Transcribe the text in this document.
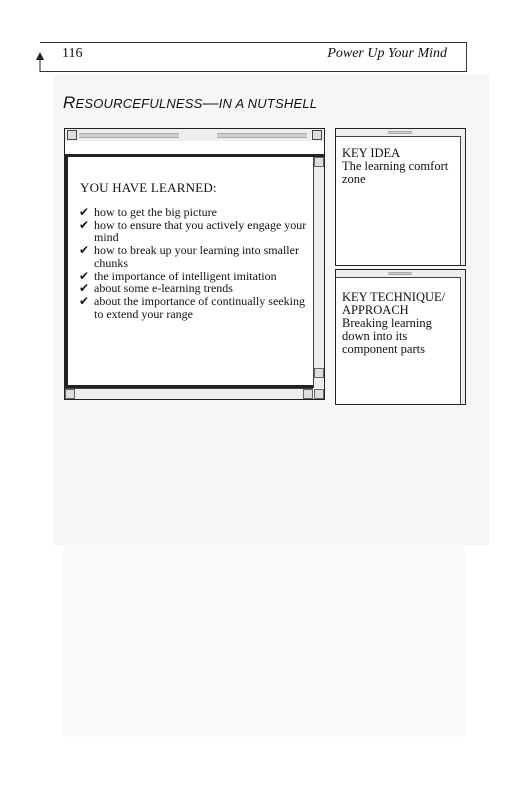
116	Power Up Your Mind
RESOURCEFULNESS—IN A NUTSHELL
YOU HAVE LEARNED:
✔ how to get the big picture
✔ how to ensure that you actively engage your mind
✔ how to break up your learning into smaller chunks
✔ the importance of intelligent imitation
✔ about some e-learning trends
✔ about the importance of continually seeking to extend your range
KEY IDEA
The learning comfort zone
KEY TECHNIQUE/
APPROACH
Breaking learning down into its component parts
